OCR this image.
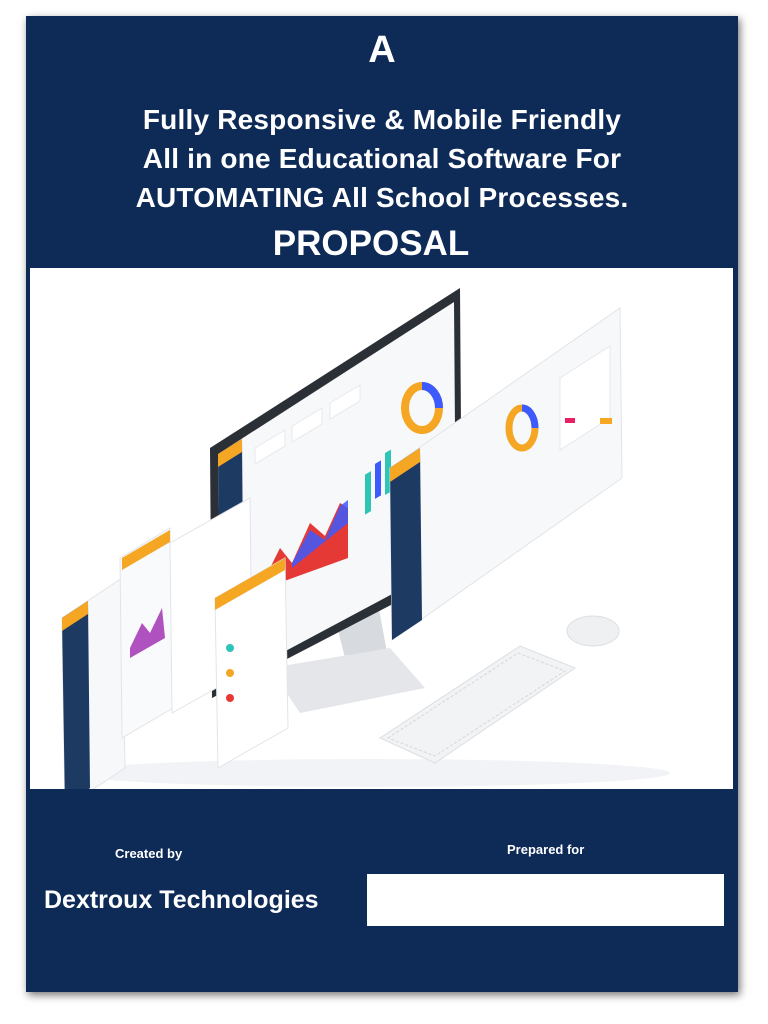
A
Fully Responsive & Mobile Friendly
All in one Educational Software For
AUTOMATING All School Processes.
PROPOSAL
Created by
Dextroux Technologies
Prepared for
